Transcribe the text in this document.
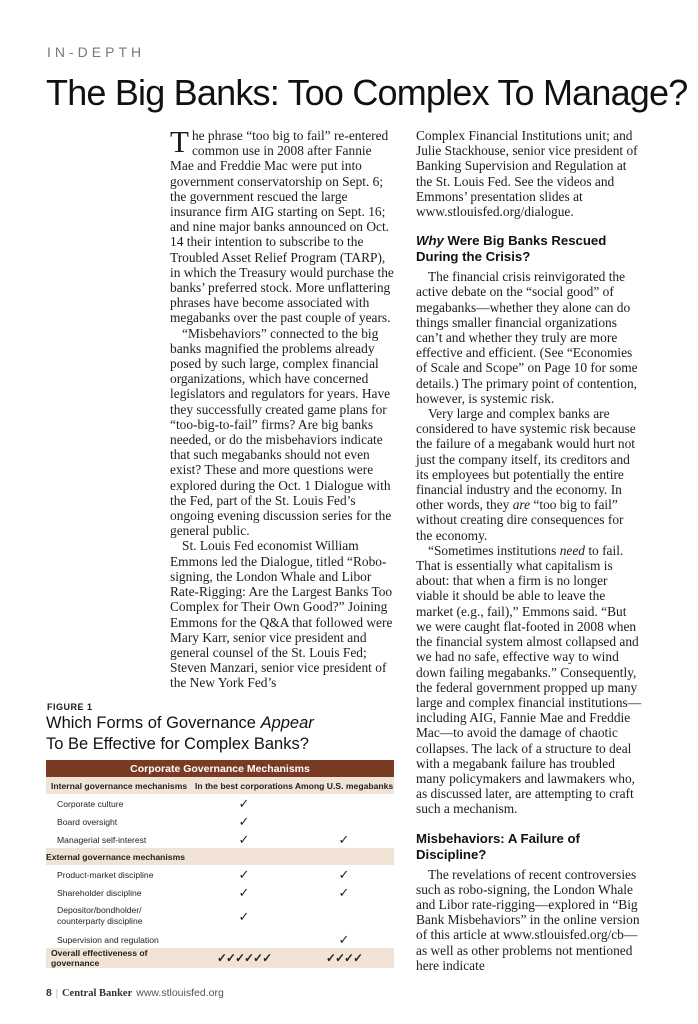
IN-DEPTH
The Big Banks: Too Complex To Manage?

The phrase “too big to fail” re-entered common use in 2008 after Fannie Mae and Freddie Mac were put into government conservatorship on Sept. 6; the government rescued the large insurance firm AIG starting on Sept. 16; and nine major banks announced on Oct. 14 their intention to subscribe to the Troubled Asset Relief Program (TARP), in which the Treasury would purchase the banks’ preferred stock. More unflattering phrases have become associated with megabanks over the past couple of years.

“Misbehaviors” connected to the big banks magnified the problems already posed by such large, complex financial organizations, which have concerned legislators and regulators for years. Have they successfully created game plans for “too-big-to-fail” firms? Are big banks needed, or do the misbehaviors indicate that such megabanks should not even exist? These and more questions were explored during the Oct. 1 Dialogue with the Fed, part of the St. Louis Fed’s ongoing evening discussion series for the general public.

St. Louis Fed economist William Emmons led the Dialogue, titled “Robo-signing, the London Whale and Libor Rate-Rigging: Are the Largest Banks Too Complex for Their Own Good?” Joining Emmons for the Q&A that followed were Mary Karr, senior vice president and general counsel of the St. Louis Fed; Steven Manzari, senior vice president of the New York Fed’s

Complex Financial Institutions unit; and Julie Stackhouse, senior vice president of Banking Supervision and Regulation at the St. Louis Fed. See the videos and Emmons’ presentation slides at www.stlouisfed.org/dialogue.

Why Were Big Banks Rescued During the Crisis?

The financial crisis reinvigorated the active debate on the “social good” of megabanks—whether they alone can do things smaller financial organizations can’t and whether they truly are more effective and efficient. (See “Economies of Scale and Scope” on Page 10 for some details.) The primary point of contention, however, is systemic risk.

Very large and complex banks are considered to have systemic risk because the failure of a megabank would hurt not just the company itself, its creditors and its employees but potentially the entire financial industry and the economy. In other words, they are “too big to fail” without creating dire consequences for the economy.

“Sometimes institutions need to fail. That is essentially what capitalism is about: that when a firm is no longer viable it should be able to leave the market (e.g., fail),” Emmons said. “But we were caught flat-footed in 2008 when the financial system almost collapsed and we had no safe, effective way to wind down failing megabanks.” Consequently, the federal government propped up many large and complex financial institutions—including AIG, Fannie Mae and Freddie Mac—to avoid the damage of chaotic collapses. The lack of a structure to deal with a megabank failure has troubled many policymakers and lawmakers who, as discussed later, are attempting to craft such a mechanism.

Misbehaviors: A Failure of Discipline?

The revelations of recent controversies such as robo-signing, the London Whale and Libor rate-rigging—explored in “Big Bank Misbehaviors” in the online version of this article at www.stlouisfed.org/cb—as well as other problems not mentioned here indicate

FIGURE 1
Which Forms of Governance Appear
To Be Effective for Complex Banks?
Corporate Governance Mechanisms		
Internal governance mechanisms	In the best corporations	Among U.S. megabanks
Corporate culture	✓	
Board oversight	✓	
Managerial self-interest	✓	✓
External governance mechanisms		
Product-market discipline	✓	✓
Shareholder discipline	✓	✓
Depositor/bondholder/
counterparty discipline	✓	
Supervision and regulation		✓
Overall effectiveness of governance	✓✓✓✓✓✓	✓✓✓✓
8 | Central Banker www.stlouisfed.org
